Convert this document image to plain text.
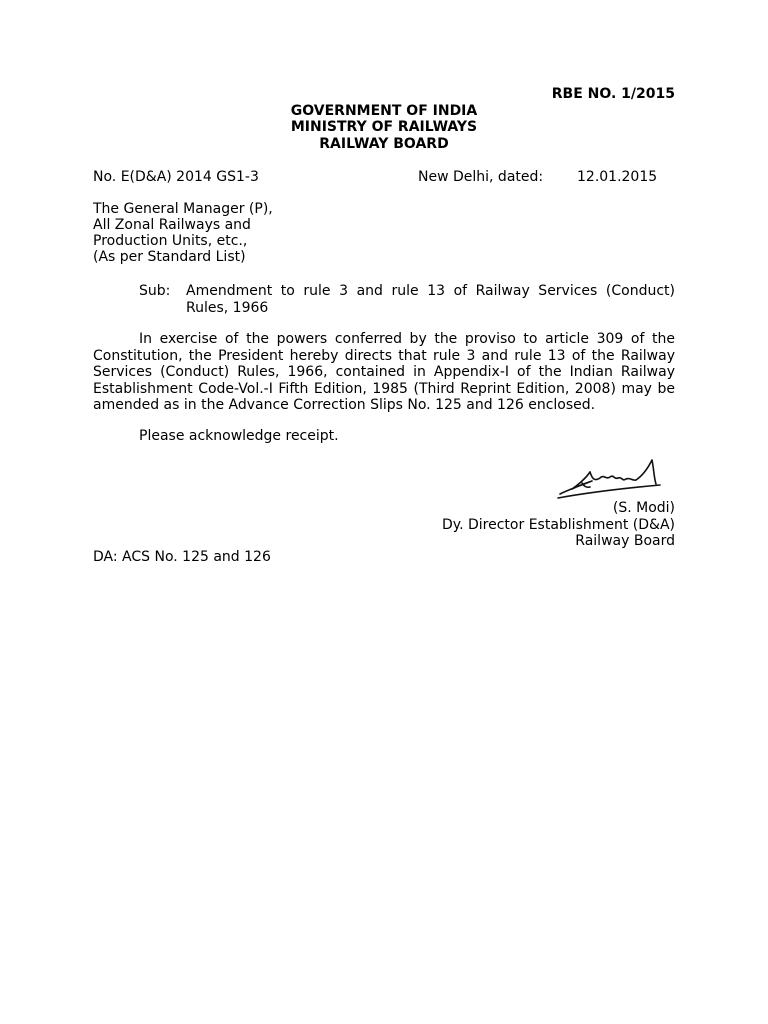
RBE NO. 1/2015
GOVERNMENT OF INDIA
MINISTRY OF RAILWAYS
RAILWAY BOARD
No. E(D&A) 2014 GS1-3	New Delhi, dated: 12.01.2015
The General Manager (P),
All Zonal Railways and
Production Units, etc.,
(As per Standard List)
Sub: Amendment to rule 3 and rule 13 of Railway Services (Conduct) Rules, 1966
In exercise of the powers conferred by the proviso to article 309 of the Constitution, the President hereby directs that rule 3 and rule 13 of the Railway Services (Conduct) Rules, 1966, contained in Appendix-I of the Indian Railway Establishment Code-Vol.-I Fifth Edition, 1985 (Third Reprint Edition, 2008) may be amended as in the Advance Correction Slips No. 125 and 126 enclosed.
Please acknowledge receipt.
(S. Modi)
Dy. Director Establishment (D&A)
Railway Board
DA: ACS No. 125 and 126
